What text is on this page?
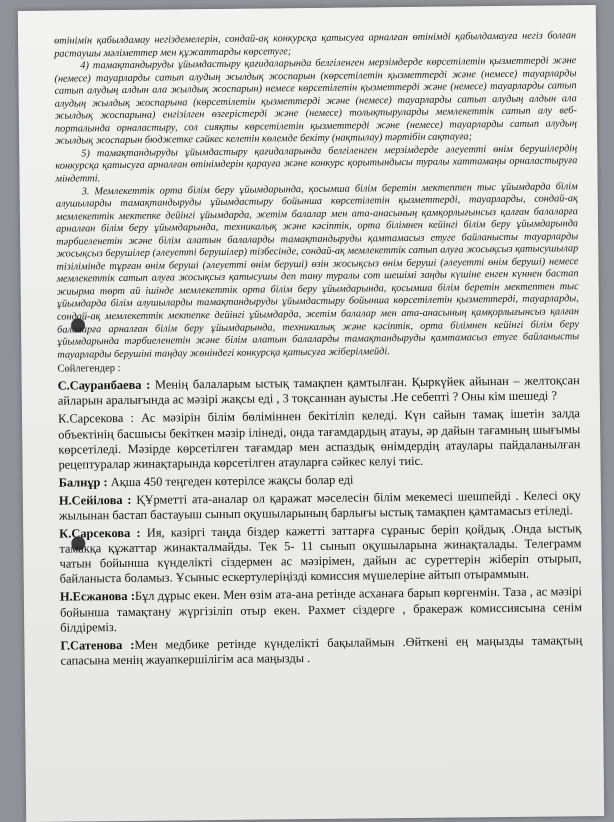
өтінімін қабылдамау негіздемелерін, сондай-ақ конкурсқа қатысуға арналған өтінімді қабылдамауға негіз болған растаушы мәліметтер мен құжаттарды көрсетуге;

4) тамақтандыруды ұйымдастыру қағидаларында белгіленген мерзімдерде көрсетілетін қызметтерді және (немесе) тауарларды сатып алудың жылдық жоспарын (көрсетілетін қызметтерді және (немесе) тауарларды сатып алудың алдын ала жылдық жоспарын) немесе көрсетілетін қызметтерді және (немесе) тауарларды сатып алудың жылдық жоспарына (көрсетілетін қызметтерді және (немесе) тауарларды сатып алудың алдын ала жылдық жоспарына) енгізілген өзгерістерді және (немесе) толықтыруларды мемлекеттік сатып алу веб-порталында орналастыру, сол сияқты көрсетілетін қызметтерді және (немесе) тауарларды сатып алудың жылдық жоспарын бюджетке сәйкес келетін көлемде бекіту (нақтылау) тәртібін сақтауға;

5) тамақтандыруды ұйымдастыру қағидаларында белгіленген мерзімдерде әлеуетті өнім берушілердің конкурсқа қатысуға арналған өтінімдерін қарауға және конкурс қорытындысы туралы хаттамаңы орналастыруға міндетті.

3. Мемлекеттік орта білім беру ұйымдарында, қосымша білім беретін мектептен тыс ұйымдарда білім алушыларды тамақтандыруды ұйымдастыру бойынша көрсетілетін қызметтерді, тауарларды, сондай-ақ мемлекеттік мектепке дейінгі ұйымдарда, жетім балалар мен ата-анасының қамқорлығынсыз қалған балаларға арналған білім беру ұйымдарында, техникалық және кәсіптік, орта білімнен кейінгі білім беру ұйымдарында тәрбиеленетін және білім алатын балаларды тамақтандыруды қамтамасыз етуге байланысты тауарларды жосықсыз берушілер (әлеуетті берушілер) тізбесінде, сондай-ақ мемлекеттік сатып алуға жосықсыз қатысушылар тізілімінде тұрған өнім беруші (әлеуетті өнім беруші) өзін жосықсыз өнім беруші (әлеуетті өнім беруші) немесе мемлекеттік сатып алуға жосықсыз қатысушы деп тану туралы сот шешімі заңды күшіне енген күннен бастап жиырма төрт ай ішінде мемлекеттік орта білім беру ұйымдарында, қосымша білім беретін мектептен тыс ұйымдарда білім алушыларды тамақтандыруды ұйымдастыру бойынша көрсетілетін қызметтерді, тауарларды, сондай-ақ мемлекеттік мектепке дейінгі ұйымдарда, жетім балалар мен ата-анасының қамқорлығынсыз қалған балаларға арналған білім беру ұйымдарында, техникалық және кәсіптік, орта білімнен кейінгі білім беру ұйымдарында тәрбиеленетін және білім алатын балаларды тамақтандыруды қамтамасыз етуге байланысты тауарларды берушіні таңдау жөніндегі конкурсқа қатысуға жіберілмейді.

Сөйлегендер :

С.Сауранбаева : Менің балаларым ыстық тамақпен қамтылған. Қыркүйек айынан – желтоқсан айларын аралығында ас мәзірі жақсы еді , 3 тоқсаннан ауысты .Не себепті ? Оны кім шешеді ?

К.Сарсекова : Ас мәзірін білім бөліміннен бекітіліп келеді. Күн сайын тамақ ішетін залда объектінің басшысы бекіткен мәзір ілінеді, онда тағамдардың атауы, әр дайын тағамның шығымы көрсетіледі. Мәзірде көрсетілген тағамдар мен аспаздық өнімдердің атаулары пайдаланылған рецептуралар жинақтарында көрсетілген атауларға сәйкес келуі тиіс.

Балнұр : Ақша 450 теңгеден көтерілсе жақсы болар еді

Н.Сейілова : ҚҰрметті ата-аналар ол қаражат мәселесін білім мекемесі шешпейді . Келесі оқу жылынан бастап бастауыш сынып оқушыларының барлығы ыстық тамақпен қамтамасыз етіледі.

К.Сарсекова : Ия, казіргі таңда біздер кажетті заттарға сұраныс беріп қойдық .Онда ыстық тамакқа құжаттар жинакталмайды. Тек 5- 11 сынып оқушыларына жинақталады. Телеграмм чатын бойынша күнделікті сіздермен ас мәзірімен, дайын ас суреттерін жіберіп отырып, байланыста боламыз. Ұсыныс ескертулеріңізді комиссия мүшелеріне айтып отыраммын.

Н.Есжанова :Бұл дұрыс екен. Мен өзім ата-ана ретінде асханаға барып көргенмін. Таза , ас мәзірі бойынша тамақтану жүргізіліп отыр екен. Рахмет сіздерге , бракераж комиссиясына сенім білдіреміз.

Г.Сатенова :Мен медбике ретінде күнделікті бақылаймын .Өйткені ең маңызды тамақтың сапасына менің жауапкершілігім аса маңызды .
